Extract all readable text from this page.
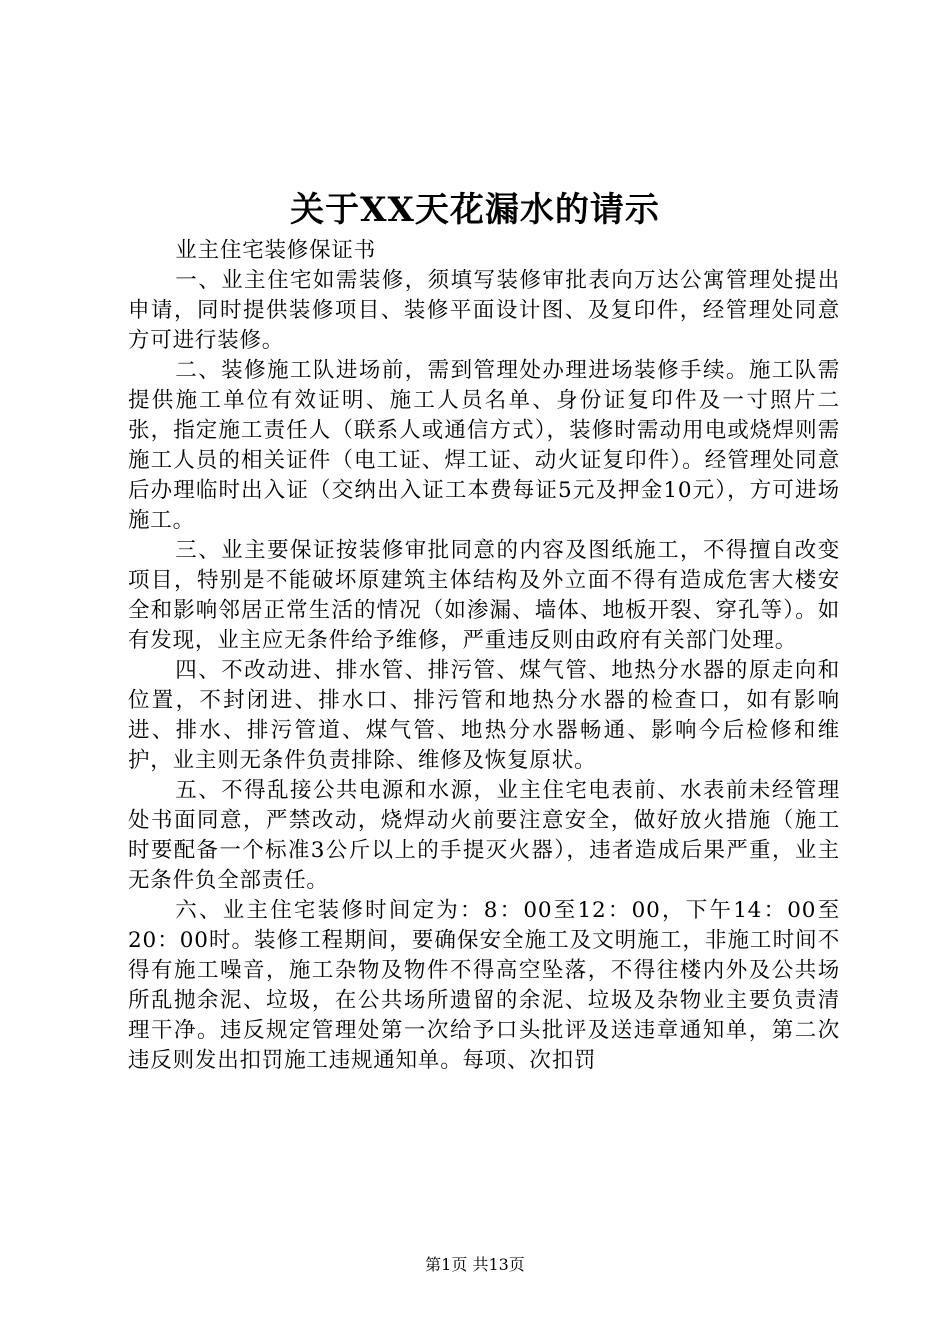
关于XX天花漏水的请示

业主住宅装修保证书

一、业主住宅如需装修，须填写装修审批表向万达公寓管理处提出申请，同时提供装修项目、装修平面设计图、及复印件，经管理处同意方可进行装修。

二、装修施工队进场前，需到管理处办理进场装修手续。施工队需提供施工单位有效证明、施工人员名单、身份证复印件及一寸照片二张，指定施工责任人（联系人或通信方式），装修时需动用电或烧焊则需施工人员的相关证件（电工证、焊工证、动火证复印件）。经管理处同意后办理临时出入证（交纳出入证工本费每证5元及押金10元），方可进场施工。

三、业主要保证按装修审批同意的内容及图纸施工，不得擅自改变项目，特别是不能破坏原建筑主体结构及外立面不得有造成危害大楼安全和影响邻居正常生活的情况（如渗漏、墙体、地板开裂、穿孔等）。如有发现，业主应无条件给予维修，严重违反则由政府有关部门处理。

四、不改动进、排水管、排污管、煤气管、地热分水器的原走向和位置，不封闭进、排水口、排污管和地热分水器的检查口，如有影响进、排水、排污管道、煤气管、地热分水器畅通、影响今后检修和维护，业主则无条件负责排除、维修及恢复原状。

五、不得乱接公共电源和水源，业主住宅电表前、水表前未经管理处书面同意，严禁改动，烧焊动火前要注意安全，做好放火措施（施工时要配备一个标准3公斤以上的手提灭火器），违者造成后果严重，业主无条件负全部责任。

六、业主住宅装修时间定为：8：00至12：00，下午14：00至20：00时。装修工程期间，要确保安全施工及文明施工，非施工时间不得有施工噪音，施工杂物及物件不得高空坠落，不得往楼内外及公共场所乱抛余泥、垃圾，在公共场所遗留的余泥、垃圾及杂物业主要负责清理干净。违反规定管理处第一次给予口头批评及送违章通知单，第二次违反则发出扣罚施工违规通知单。每项、次扣罚

第1页 共13页
